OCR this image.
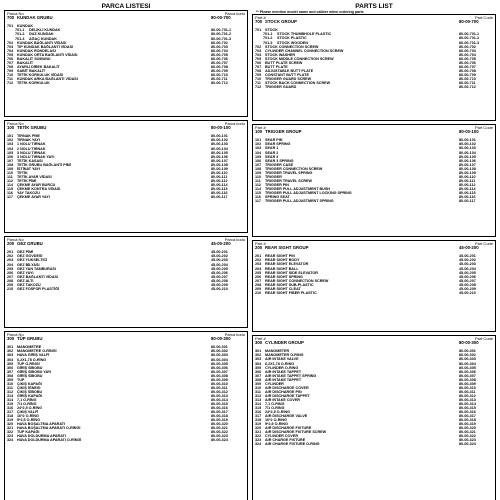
PARCA LISTESI
Parca No	Parca kodu
700 KUNDAK GRUBU	80-00-700
701	KUNDAK
701-1	DELİKLİ KUNDAK	80-00-701-1
701-2	DÜZ KUNDAK	80-00-701-2
701-3	AĞAÇ KUNDAK	80-00-701-3
702	KUNDAK BAĞLANTI VİDASI	80-00-702
703	TIP KUNDAK BAĞLANTI VİDASI	80-00-703
704	KUNDAK RONDELASI	80-00-704
705	KUNDAK ORTA BAĞLANTI VİDASI	80-00-705
706	BAKALİT SOMUNU	80-00-706
707	BAKALİT	80-00-707
708	AYARLI DİREK BAKALİT	80-00-708
709	SABİT BAKALİT	80-00-709
710	TETİK KORKULUK VİDASI	80-00-710
711	KUNDAK ARKA BAĞLANTI VİDASI	80-00-711
712	TETİK KORKULUK	80-00-712
Parca No	Parca kodu
100 TETİK GRUBU	80-00-100
101	TIRNAK PİMİ	80-00-101
102	TIRNAK YAYI	80-00-102
103	1 NOLU TIRNAK	80-00-103
104	2 NOLU TIRNAK	80-00-104
105	3 NOLU TIRNAK	80-00-105
106	3 NOLU TIRNAK YAYI	80-00-106
107	TETİK KASASI	80-00-107
108	TETİK GRUBU BAĞLANTI PİMİ	80-00-108
109	İSTİNAT YAYI	80-00-109
110	TETİK	80-00-110
111	TETİK AYAR VİDASI	80-00-111
112	TETİK PİMİ	80-00-112
114	ÇEKME AYAR BURCU	80-00-114
115	ÇEKME KONTRA VİDASI	80-00-115
116	YAY TAKOZU	80-00-116
117	ÇEKME AYAR YAYI	80-00-117
Parca No	Parca kodu
200 GEZ GRUBU	45-00-200
201	GEZ PİMİ	45-00-201
202	GEZ GÖVDESİ	45-00-202
203	GEZ YÜKSELTİCİ	45-00-203
204	GEZ BİLYASI	45-00-204
205	GEZ YAN TAMBURASI	45-00-205
206	GEZ YAYI	45-00-206
207	GEZ BAĞLANTI VİDASI	45-00-207
208	GEZ ALTI	45-00-208
209	GEZ TAKOZU	45-00-209
210	GEZ FOSFOR PLASTİĞİ	45-00-210
Parca No	Parca kodu
300 TÜP GRUBU	80-00-300
301	MANOMETRE	80-00-301
302	MANOMETRE O-RİNGİ	80-00-302
303	HAVA GİRİŞ VALFİ	80-00-303
304	6,2X1,78 O-RİNG	80-00-304
305	TÜP O-RİNGİ	80-00-305
306	GİRİŞ SİBOBU	80-00-306
307	GİRİŞ SİBOBU YAYI	80-00-307
308	GİRİŞ SİBOBU	80-00-308
309	TÜP	80-00-309
310	ÇIKIŞ KAPAĞI	80-00-310
311	ÇIKIŞ İĞNESİ	80-00-311
312	ÇIKIŞ SİBOBU	80-00-312
313	GİRİŞ KAPAĞI	80-00-313
314	7,1 O-RİNG	80-00-314
315	7/1 O-RİNG	80-00-315
316	24*2,5 O-RİNG	80-00-316
317	ÇIKIŞ VALFİ	80-00-317
318	16*2 O-RİNG	80-00-318
319	9*2,5 O-RİNG	80-00-319
320	HAVA BOŞALTMA APARATI	80-00-320
321	HAVA BOŞALTMA APARATI O-RİNGİ	80-00-321
322	TÜP KAPAĞI	80-00-322
323	HAVA DOLDURMA APARATI	80-00-323
324	HAVA DOLDURMA APARATI O-RİNGİ	80-00-324
PARTS LIST
** Please mention model name and caliber when ordering parts
Part #	Part Code
700 STOCK GROUP	80-00-700
701	STOCK
701-1	STOCK THUMBHOLE PLASTIC	80-00-701-1
701-2	STOCK PLASTIC	80-00-701-2
701-3	STOCK WOODEN	80-00-701-3
702	STOCK CONNECTION SCREW	80-00-702
703	CYLINDER CHANNEL CONNECTION SCREW	80-00-703
704	STOCK WASHER	80-00-704
705	STOCK MIDDLE CONNECTION SCREW	80-00-705
706	BUTT PLATE SCREW	80-00-706
707	BUTT PLATE	80-00-707
708	ADJUSTABLE BUTT PLATE	80-00-708
709	CONSTANT BUTT PLATE	80-00-709
710	TRIGGER GUARD SCREW	80-00-710
711	STOCK BACK CONNECTION SCREW	80-00-711
712	TRIGGER GUARD	80-00-712
Part #	Part Code
100 TRIGGER GROUP	80-00-100
101	SEAR PIN	80-00-101
102	SEAR SPRING	80-00-102
103	SEAR 1	80-00-103
104	SEAR 2	80-00-104
105	SEAR 3	80-00-105
106	SEAR 3 SPRING	80-00-106
107	TRIGGER CASE	80-00-107
108	TRIGGER CONNECTION SCREW	80-00-108
109	TRIGGER TRAVEL SPRING	80-00-109
110	TRIGGER	80-00-110
111	TRIGGER TRAVEL SCREW	80-00-111
112	TRIGGER PIN	80-00-112
114	TRIGGER PULL ADJUSTMENT BUSH	80-00-114
115	TRIGGER PULL ADJUSTMENT LOCKING SPRING	80-00-115
116	SPRING SEAT	80-00-116
117	TRIGGER PULL ADJUSTMENT SPRING	80-00-117
Part #	Part Code
200 REAR SIGHT GROUP	45-00-200
201	REAR SIGHT PIN	45-00-201
202	REAR SIGHT BODY	45-00-202
203	REAR SIGHT ELEVATOR	45-00-203
204	REAR SIGHT BALL	45-00-204
205	REAR SIGHT SIDE ELEVATOR	45-00-205
206	REAR SIGHT SPRING	45-00-206
207	REAR SIGHT CONNECTION SCREW	45-00-207
208	REAR SIGHT SUB-PLASTIC	45-00-208
209	REAR SIGHT CLEAT	45-00-209
210	REAR SIGHT FIBER PLASTIC	45-00-210
Part #	Part Code
300 CYLINDER GROUP	80-00-300
301	MANOMETER	80-00-301
302	MANOMETER O-RING	80-00-302
303	AIR INTAKE VALVE	80-00-303
304	6,2X1,78 O-RING	80-00-304
305	CYLINDER O-RING	80-00-305
306	AIR INTAKE TAPPET	80-00-306
307	AIR INTAKE TAPPET SPRING	80-00-307
308	AIR INTAKE TAPPET	80-00-308
309	CYLINDER	80-00-309
310	AIR DISCHARGE COVER	80-00-310
311	AIR DISCHARGE PIN	80-00-311
312	AIR DISCHARGE TAPPET	80-00-312
313	AIR INTAKE COVER	80-00-313
314	7,1 O-RING	80-00-314
315	7/1 O-RING	80-00-315
316	24*2,5 O-RING	80-00-316
317	AIR DISCHARGE VALVE	80-00-317
318	16*2 O-RING	80-00-318
319	9*2,5 O-RING	80-00-319
320	AIR DISCHARGE FIXTURE	80-00-320
321	AIR DISCHARGE FIXTURE SCREW	80-00-321
322	CYLINDER COVER	80-00-322
323	AIR CHARGE FIXTURE	80-00-323
324	AIR CHARGE FIXTURE O-RING	80-00-324
